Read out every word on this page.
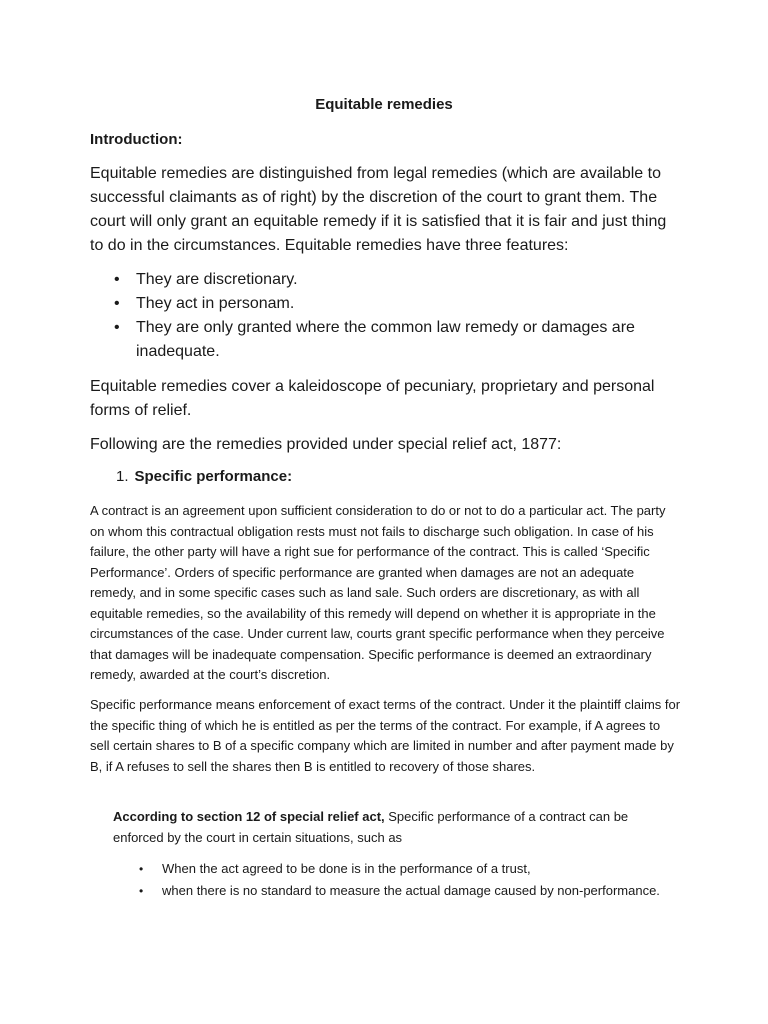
Equitable remedies
Introduction:
Equitable remedies are distinguished from legal remedies (which are available to successful claimants as of right) by the discretion of the court to grant them. The court will only grant an equitable remedy if it is satisfied that it is fair and just thing to do in the circumstances. Equitable remedies have three features:
• They are discretionary.
• They act in personam.
• They are only granted where the common law remedy or damages are inadequate.
Equitable remedies cover a kaleidoscope of pecuniary, proprietary and personal forms of relief.
Following are the remedies provided under special relief act, 1877:
1. Specific performance:
A contract is an agreement upon sufficient consideration to do or not to do a particular act. The party on whom this contractual obligation rests must not fails to discharge such obligation. In case of his failure, the other party will have a right sue for performance of the contract. This is called ‘Specific Performance’. Orders of specific performance are granted when damages are not an adequate remedy, and in some specific cases such as land sale. Such orders are discretionary, as with all equitable remedies, so the availability of this remedy will depend on whether it is appropriate in the circumstances of the case. Under current law, courts grant specific performance when they perceive that damages will be inadequate compensation. Specific performance is deemed an extraordinary remedy, awarded at the court’s discretion.
Specific performance means enforcement of exact terms of the contract. Under it the plaintiff claims for the specific thing of which he is entitled as per the terms of the contract. For example, if A agrees to sell certain shares to B of a specific company which are limited in number and after payment made by B, if A refuses to sell the shares then B is entitled to recovery of those shares.
According to section 12 of special relief act, Specific performance of a contract can be enforced by the court in certain situations, such as
• When the act agreed to be done is in the performance of a trust,
• when there is no standard to measure the actual damage caused by non-performance.
